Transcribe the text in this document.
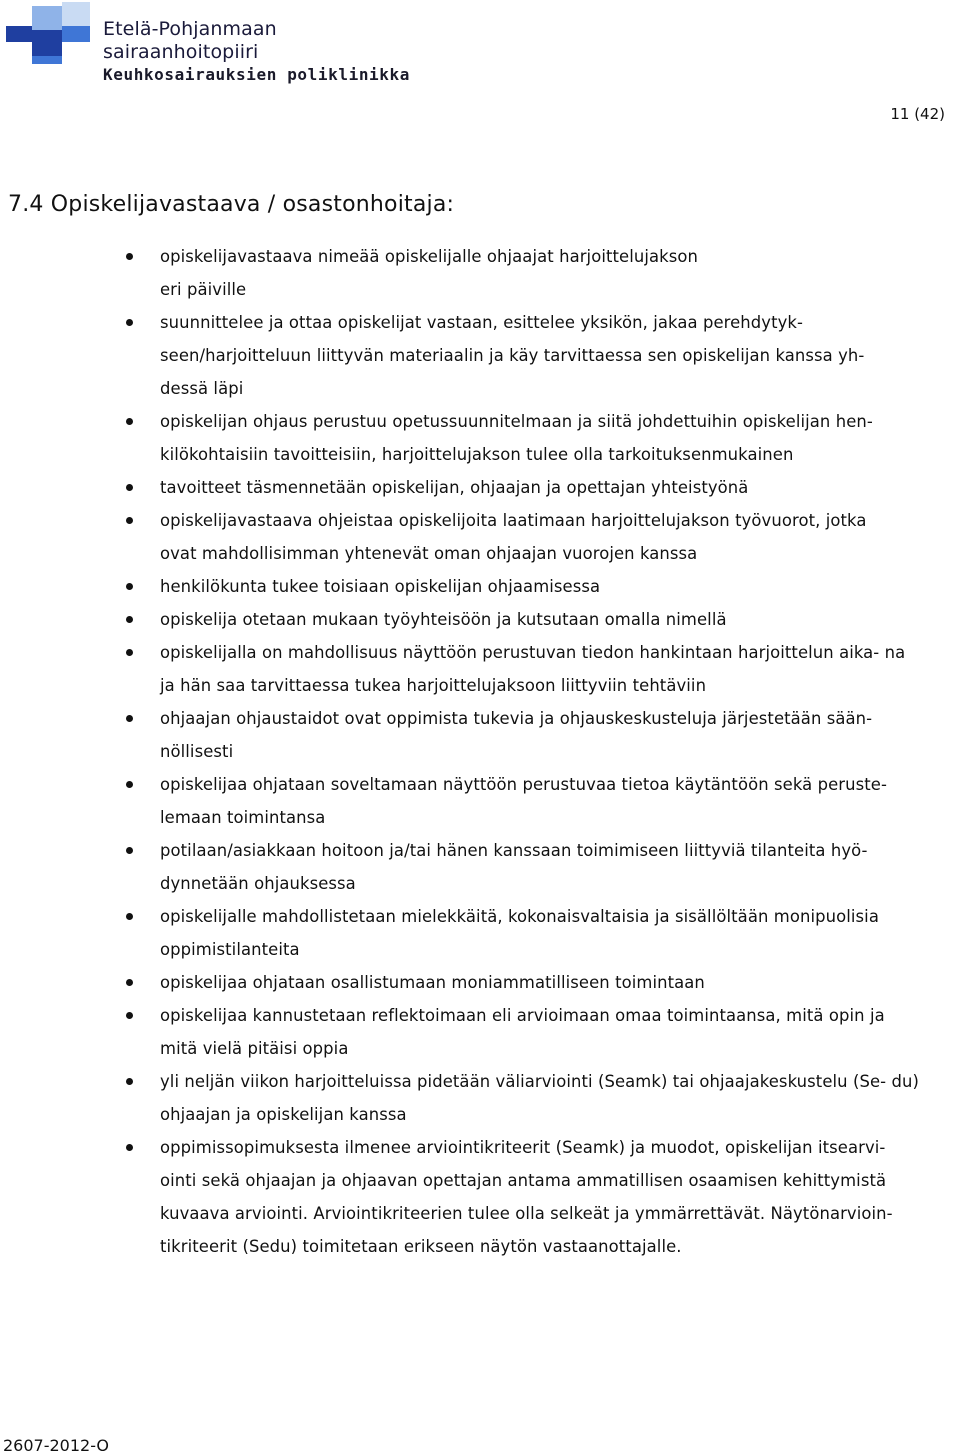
Etelä-Pohjanmaan
sairaanhoitopiiri
Keuhkosairauksien poliklinikka
11 (42)
7.4 Opiskelijavastaava / osastonhoitaja:
opiskelijavastaava nimeää opiskelijalle ohjaajat harjoittelujakson eri päiville
suunnittelee ja ottaa opiskelijat vastaan, esittelee yksikön, jakaa perehdytyk- seen/harjoitteluun liittyvän materiaalin ja käy tarvittaessa sen opiskelijan kanssa yh- dessä läpi
opiskelijan ohjaus perustuu opetussuunnitelmaan ja siitä johdettuihin opiskelijan hen- kilökohtaisiin tavoitteisiin, harjoittelujakson tulee olla tarkoituksenmukainen
tavoitteet täsmennetään opiskelijan, ohjaajan ja opettajan yhteistyönä
opiskelijavastaava ohjeistaa opiskelijoita laatimaan harjoittelujakson työvuorot, jotka ovat mahdollisimman yhtenevät oman ohjaajan vuorojen kanssa
henkilökunta tukee toisiaan opiskelijan ohjaamisessa
opiskelija otetaan mukaan työyhteisöön ja kutsutaan omalla nimellä
opiskelijalla on mahdollisuus näyttöön perustuvan tiedon hankintaan harjoittelun aika- na ja hän saa tarvittaessa tukea harjoittelujaksoon liittyviin tehtäviin
ohjaajan ohjaustaidot ovat oppimista tukevia ja ohjauskeskusteluja järjestetään sään- nöllisesti
opiskelijaa ohjataan soveltamaan näyttöön perustuvaa tietoa käytäntöön sekä peruste- lemaan toimintansa
potilaan/asiakkaan hoitoon ja/tai hänen kanssaan toimimiseen liittyviä tilanteita hyö- dynnetään ohjauksessa
opiskelijalle mahdollistetaan mielekkäitä, kokonaisvaltaisia ja sisällöltään monipuolisia oppimistilanteita
opiskelijaa ohjataan osallistumaan moniammatilliseen toimintaan
opiskelijaa kannustetaan reflektoimaan eli arvioimaan omaa toimintaansa, mitä opin ja mitä vielä pitäisi oppia
yli neljän viikon harjoitteluissa pidetään väliarviointi (Seamk) tai ohjaajakeskustelu (Se- du) ohjaajan ja opiskelijan kanssa
oppimissopimuksesta ilmenee arviointikriteerit (Seamk) ja muodot, opiskelijan itsearvi- ointi sekä ohjaajan ja ohjaavan opettajan antama ammatillisen osaamisen kehittymistä kuvaava arviointi. Arviointikriteerien tulee olla selkeät ja ymmärrettävät. Näytönarvioin- tikriteerit (Sedu) toimitetaan erikseen näytön vastaanottajalle.
2607-2012-O
